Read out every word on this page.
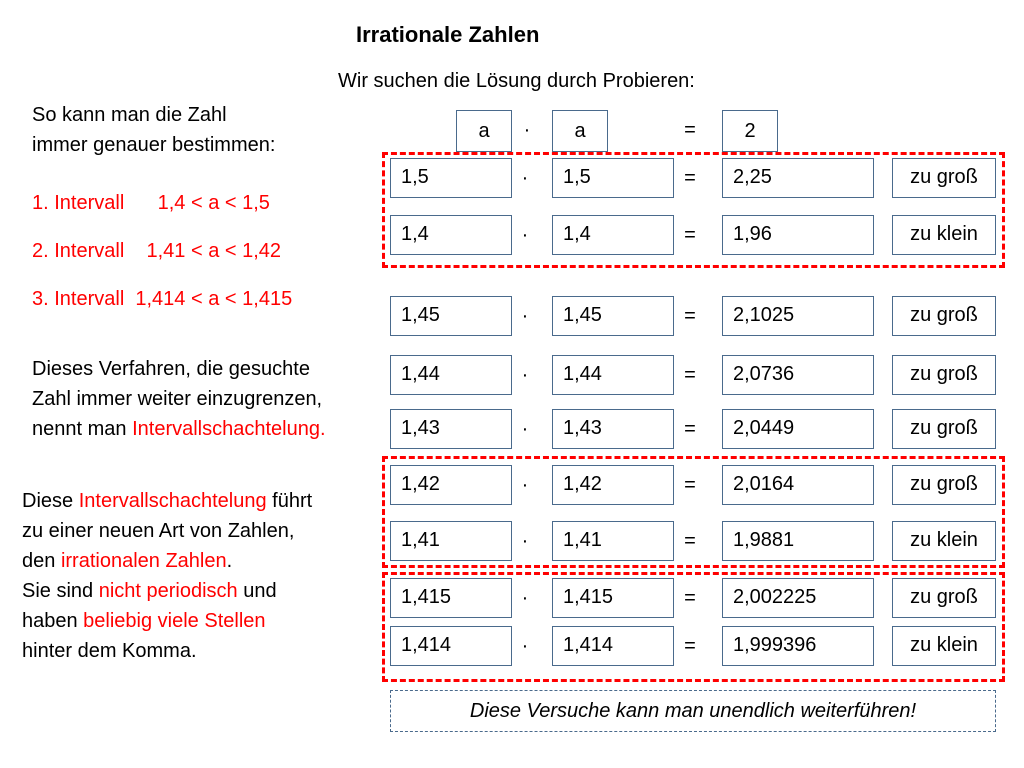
Irrationale Zahlen
Wir suchen die Lösung durch Probieren:
So kann man die Zahl
immer genauer bestimmen:
1. Intervall      1,4 < a < 1,5
2. Intervall    1,41 < a < 1,42
3. Intervall  1,414 < a < 1,415
Dieses Verfahren, die gesuchte
Zahl immer weiter einzugrenzen,
nennt man Intervallschachtelung.
Diese Intervallschachtelung führt
zu einer neuen Art von Zahlen,
den irrationalen Zahlen.
Sie sind nicht periodisch und
haben beliebig viele Stellen
hinter dem Komma.
a	·	a	=	2
1,5	·	1,5	=	2,25	zu groß
1,4	·	1,4	=	1,96	zu klein
1,45	·	1,45	=	2,1025	zu groß
1,44	·	1,44	=	2,0736	zu groß
1,43	·	1,43	=	2,0449	zu groß
1,42	·	1,42	=	2,0164	zu groß
1,41	·	1,41	=	1,9881	zu klein
1,415	·	1,415	=	2,002225	zu groß
1,414	·	1,414	=	1,999396	zu klein
Diese Versuche kann man unendlich weiterführen!
